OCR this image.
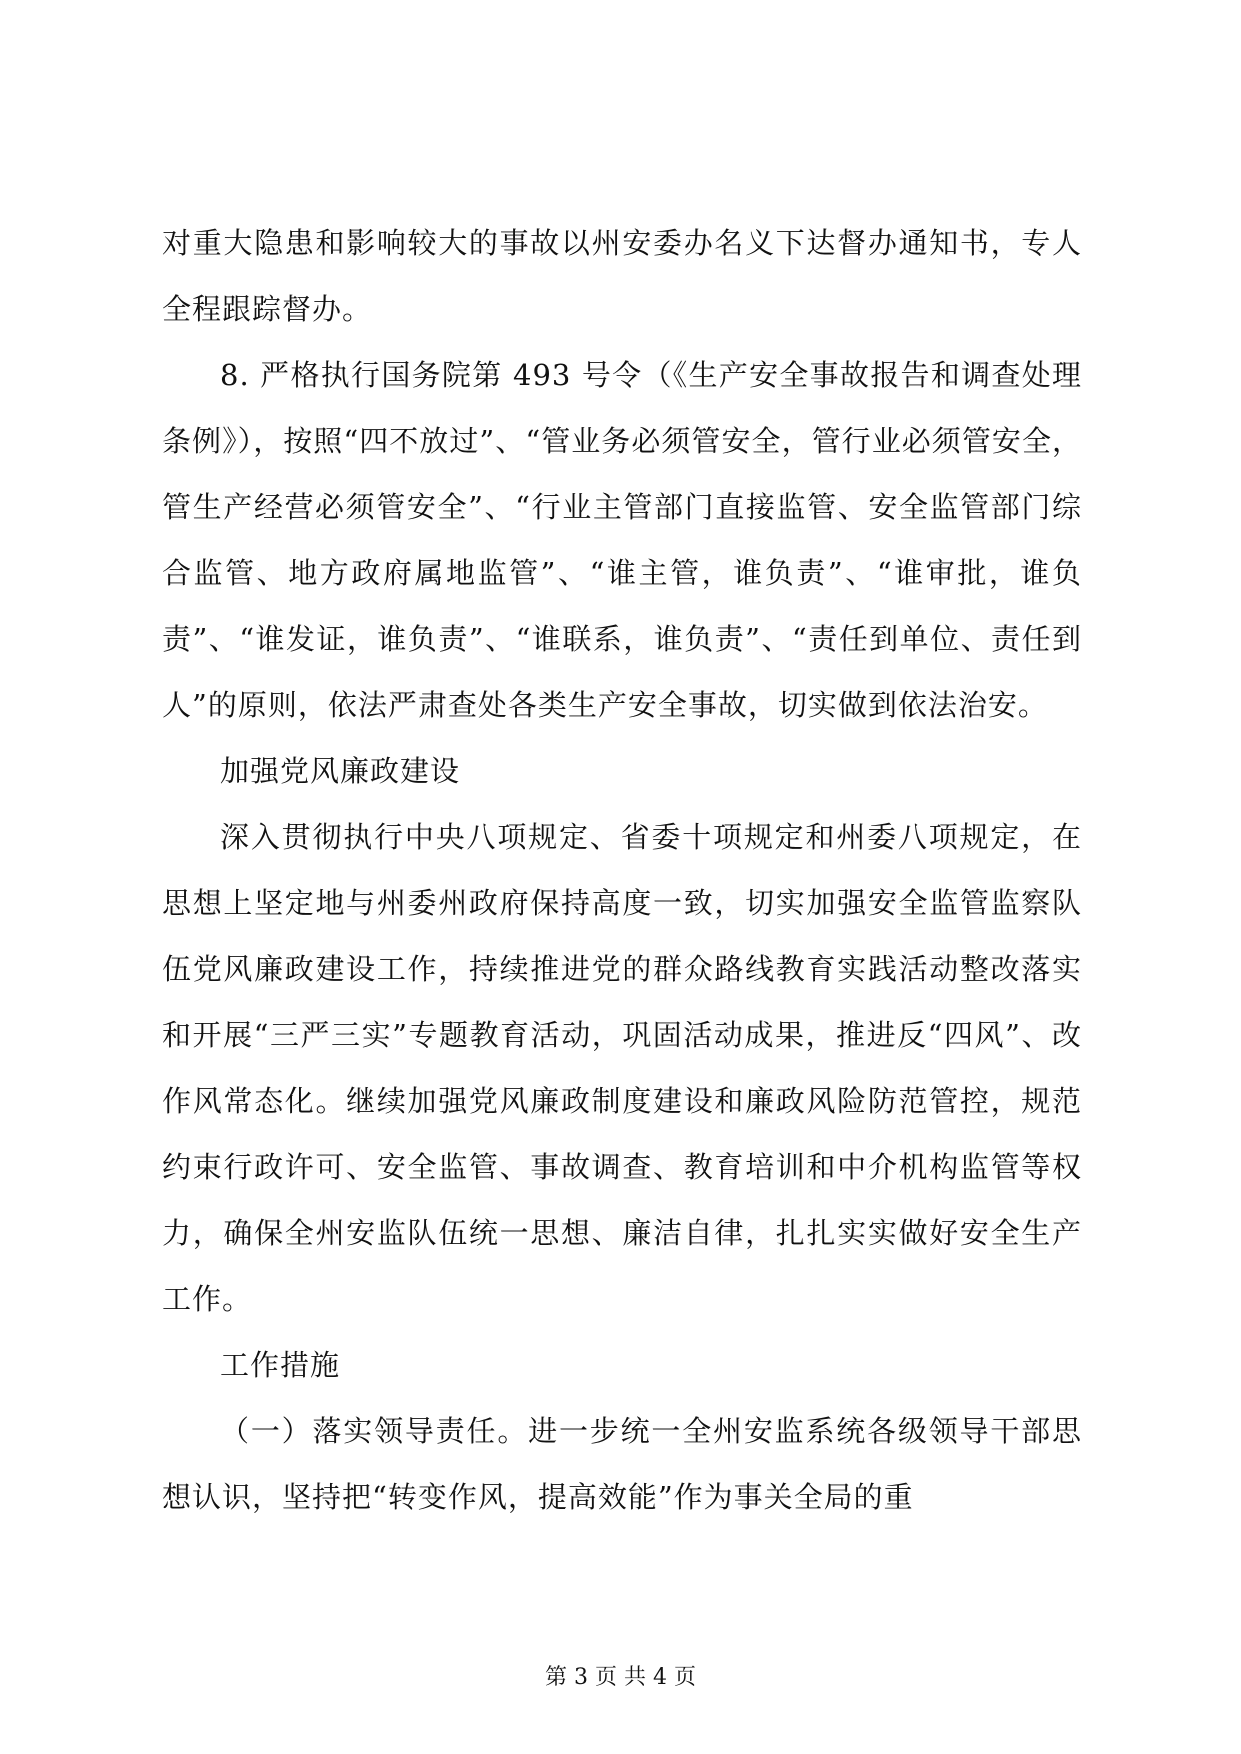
对重大隐患和影响较大的事故以州安委办名义下达督办通知书，专人全程跟踪督办。

8. 严格执行国务院第 493 号令（《生产安全事故报告和调查处理条例》），按照“四不放过”、“管业务必须管安全，管行业必须管安全，管生产经营必须管安全”、“行业主管部门直接监管、安全监管部门综合监管、地方政府属地监管”、“谁主管，谁负责”、“谁审批，谁负责”、“谁发证，谁负责”、“谁联系，谁负责”、“责任到单位、责任到人”的原则，依法严肃查处各类生产安全事故，切实做到依法治安。

加强党风廉政建设

深入贯彻执行中央八项规定、省委十项规定和州委八项规定，在思想上坚定地与州委州政府保持高度一致，切实加强安全监管监察队伍党风廉政建设工作，持续推进党的群众路线教育实践活动整改落实和开展“三严三实”专题教育活动，巩固活动成果，推进反“四风”、改作风常态化。继续加强党风廉政制度建设和廉政风险防范管控，规范约束行政许可、安全监管、事故调查、教育培训和中介机构监管等权力，确保全州安监队伍统一思想、廉洁自律，扎扎实实做好安全生产工作。

工作措施

（一）落实领导责任。进一步统一全州安监系统各级领导干部思想认识，坚持把“转变作风，提高效能”作为事关全局的重

第 3 页 共 4 页
